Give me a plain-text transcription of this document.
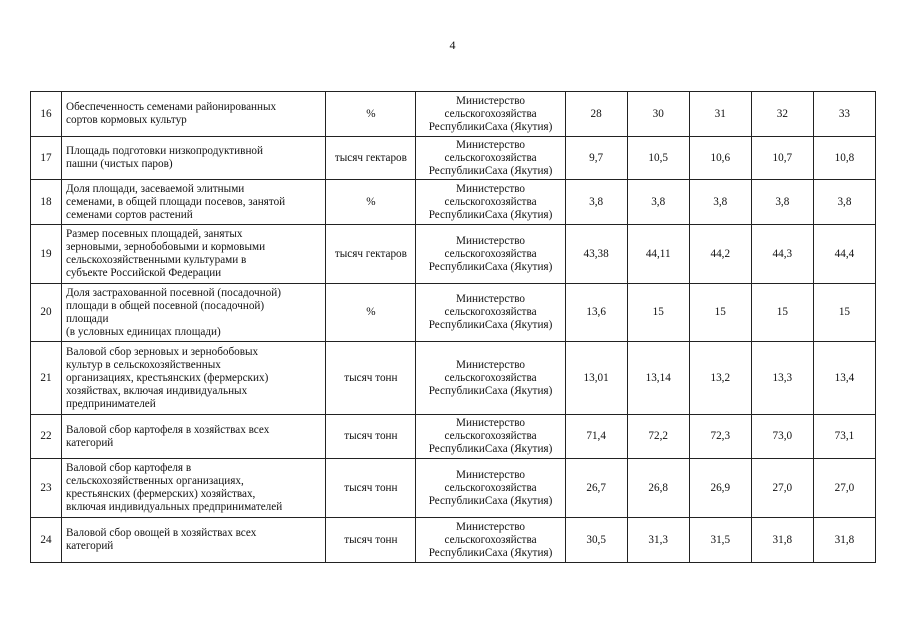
4
16	Обеспеченность семенами районированных
сортов кормовых культур	%	Министерство сельскогохозяйства РеспубликиСаха (Якутия)	28	30	31	32	33
17	Площадь подготовки низкопродуктивной
пашни (чистых паров)	тысяч гектаров	Министерство сельскогохозяйства РеспубликиСаха (Якутия)	9,7	10,5	10,6	10,7	10,8
18	Доля площади, засеваемой элитными
семенами, в общей площади посевов, занятой
семенами сортов растений	%	Министерство сельскогохозяйства РеспубликиСаха (Якутия)	3,8	3,8	3,8	3,8	3,8
19	Размер посевных площадей, занятых
зерновыми, зернобобовыми и кормовыми
сельскохозяйственными культурами в
субъекте Российской Федерации	тысяч гектаров	Министерство сельскогохозяйства РеспубликиСаха (Якутия)	43,38	44,11	44,2	44,3	44,4
20	Доля застрахованной посевной (посадочной)
площади в общей посевной (посадочной)
площади
(в условных единицах площади)	%	Министерство сельскогохозяйства РеспубликиСаха (Якутия)	13,6	15	15	15	15
21	Валовой сбор зерновых и зернобобовых
культур в сельскохозяйственных
организациях, крестьянских (фермерских)
хозяйствах, включая индивидуальных
предпринимателей	тысяч тонн	Министерство сельскогохозяйства РеспубликиСаха (Якутия)	13,01	13,14	13,2	13,3	13,4
22	Валовой сбор картофеля в хозяйствах всех
категорий	тысяч тонн	Министерство сельскогохозяйства РеспубликиСаха (Якутия)	71,4	72,2	72,3	73,0	73,1
23	Валовой сбор картофеля в
сельскохозяйственных организациях,
крестьянских (фермерских) хозяйствах,
включая индивидуальных предпринимателей	тысяч тонн	Министерство сельскогохозяйства РеспубликиСаха (Якутия)	26,7	26,8	26,9	27,0	27,0
24	Валовой сбор овощей в хозяйствах всех
категорий	тысяч тонн	Министерство сельскогохозяйства РеспубликиСаха (Якутия)	30,5	31,3	31,5	31,8	31,8
